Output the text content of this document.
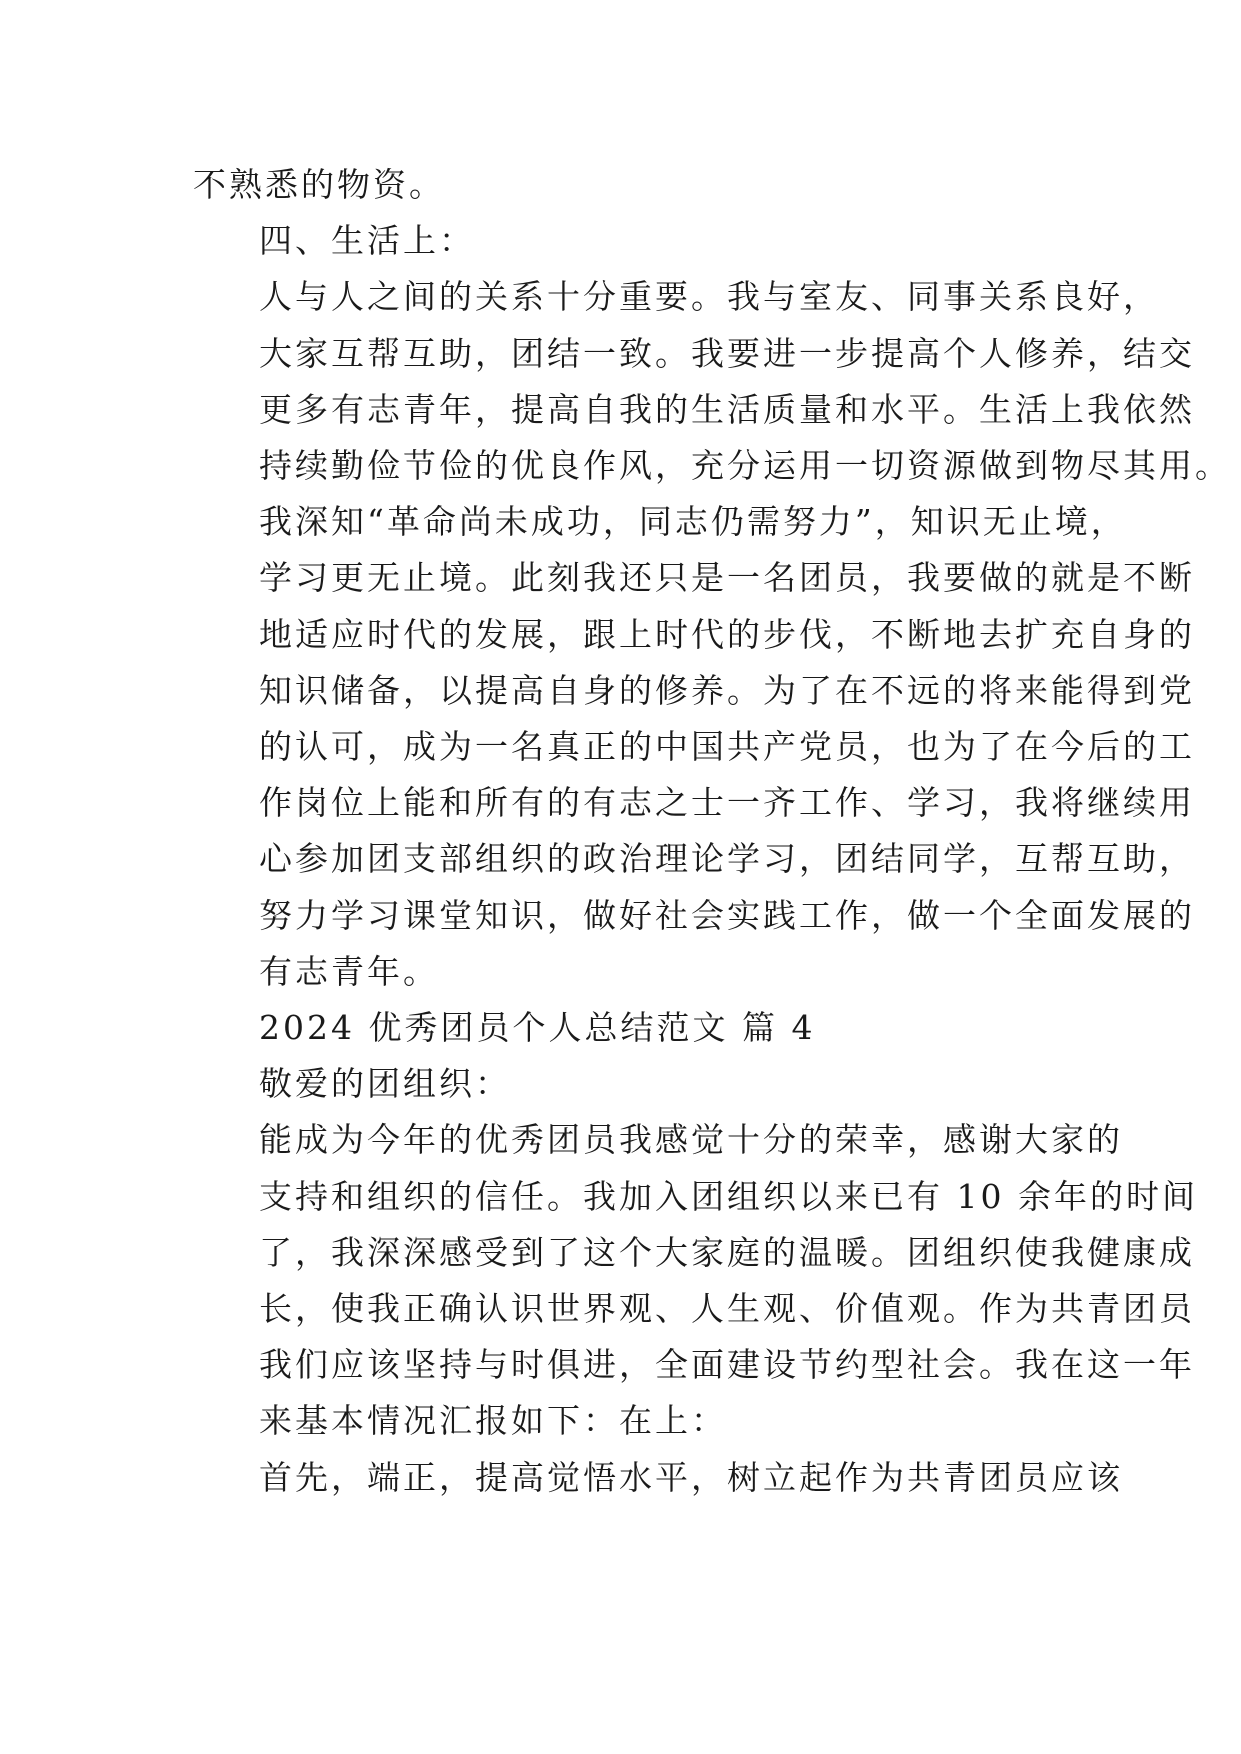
不熟悉的物资。

四、生活上：

人与人之间的关系十分重要。我与室友、同事关系良好，
大家互帮互助，团结一致。我要进一步提高个人修养，结交
更多有志青年，提高自我的生活质量和水平。生活上我依然
持续勤俭节俭的优良作风，充分运用一切资源做到物尽其用。

我深知“革命尚未成功，同志仍需努力”，知识无止境，
学习更无止境。此刻我还只是一名团员，我要做的就是不断
地适应时代的发展，跟上时代的步伐，不断地去扩充自身的
知识储备，以提高自身的修养。为了在不远的将来能得到党
的认可，成为一名真正的中国共产党员，也为了在今后的工
作岗位上能和所有的有志之士一齐工作、学习，我将继续用
心参加团支部组织的政治理论学习，团结同学，互帮互助，
努力学习课堂知识，做好社会实践工作，做一个全面发展的
有志青年。

2024 优秀团员个人总结范文 篇 4

敬爱的团组织：

能成为今年的优秀团员我感觉十分的荣幸，感谢大家的
支持和组织的信任。我加入团组织以来已有 10 余年的时间
了，我深深感受到了这个大家庭的温暖。团组织使我健康成
长，使我正确认识世界观、人生观、价值观。作为共青团员
我们应该坚持与时俱进，全面建设节约型社会。我在这一年
来基本情况汇报如下：在上：

首先，端正，提高觉悟水平，树立起作为共青团员应该
